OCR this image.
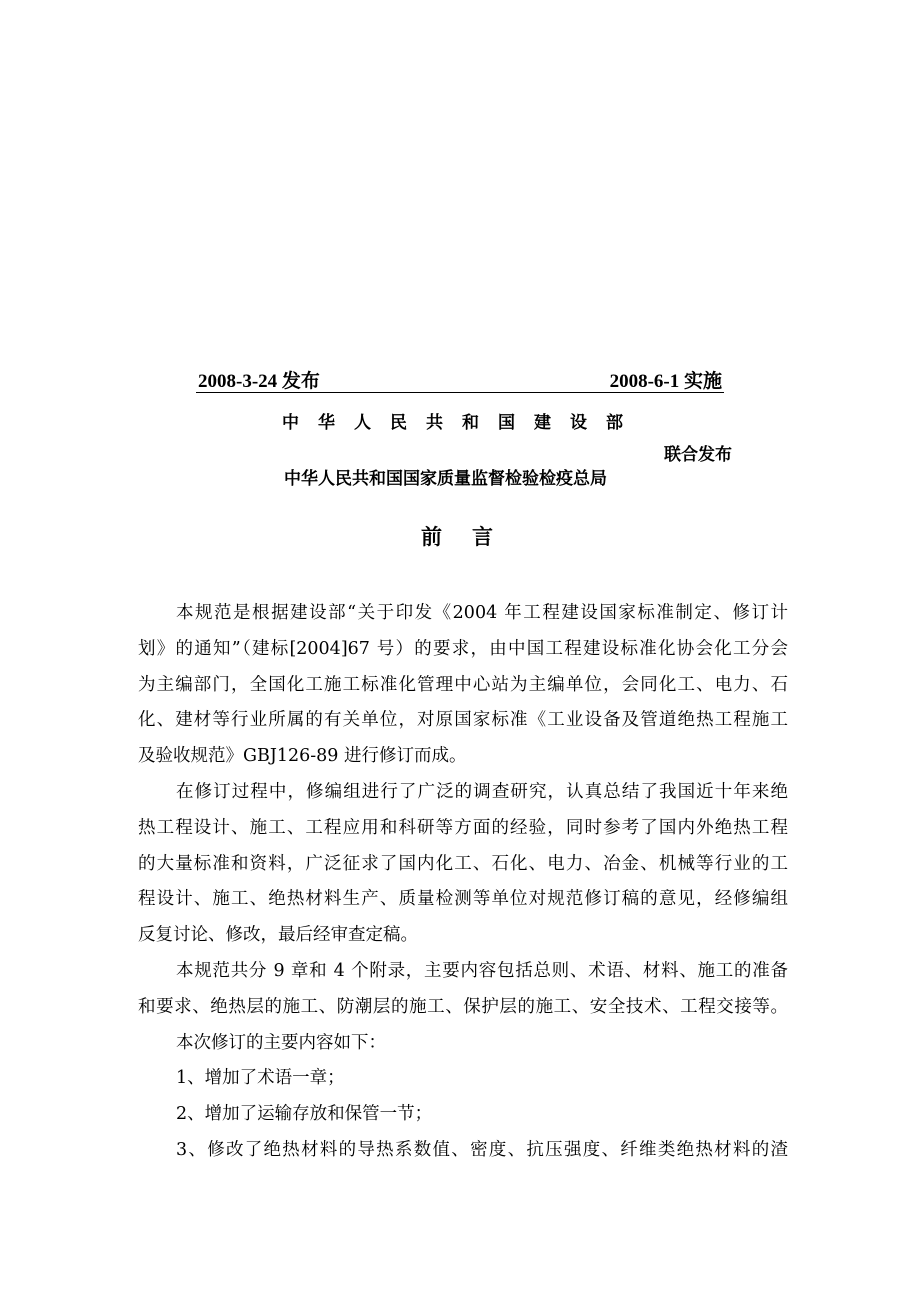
2008-3-24 发布	2008-6-1 实施
中华人民共和国建设部
联合发布
中华人民共和国国家质量监督检验检疫总局
前言
本规范是根据建设部“关于印发《2004 年工程建设国家标准制定、修订计
划》的通知”（建标[2004]67 号）的要求，由中国工程建设标准化协会化工分会
为主编部门，全国化工施工标准化管理中心站为主编单位，会同化工、电力、石
化、建材等行业所属的有关单位，对原国家标准《工业设备及管道绝热工程施工
及验收规范》GBJ126-89 进行修订而成。
在修订过程中，修编组进行了广泛的调查研究，认真总结了我国近十年来绝
热工程设计、施工、工程应用和科研等方面的经验，同时参考了国内外绝热工程
的大量标准和资料，广泛征求了国内化工、石化、电力、冶金、机械等行业的工
程设计、施工、绝热材料生产、质量检测等单位对规范修订稿的意见，经修编组
反复讨论、修改，最后经审查定稿。
本规范共分 9 章和 4 个附录，主要内容包括总则、术语、材料、施工的准备
和要求、绝热层的施工、防潮层的施工、保护层的施工、安全技术、工程交接等。
本次修订的主要内容如下：
1、增加了术语一章；
2、增加了运输存放和保管一节；
3、修改了绝热材料的导热系数值、密度、抗压强度、纤维类绝热材料的渣
